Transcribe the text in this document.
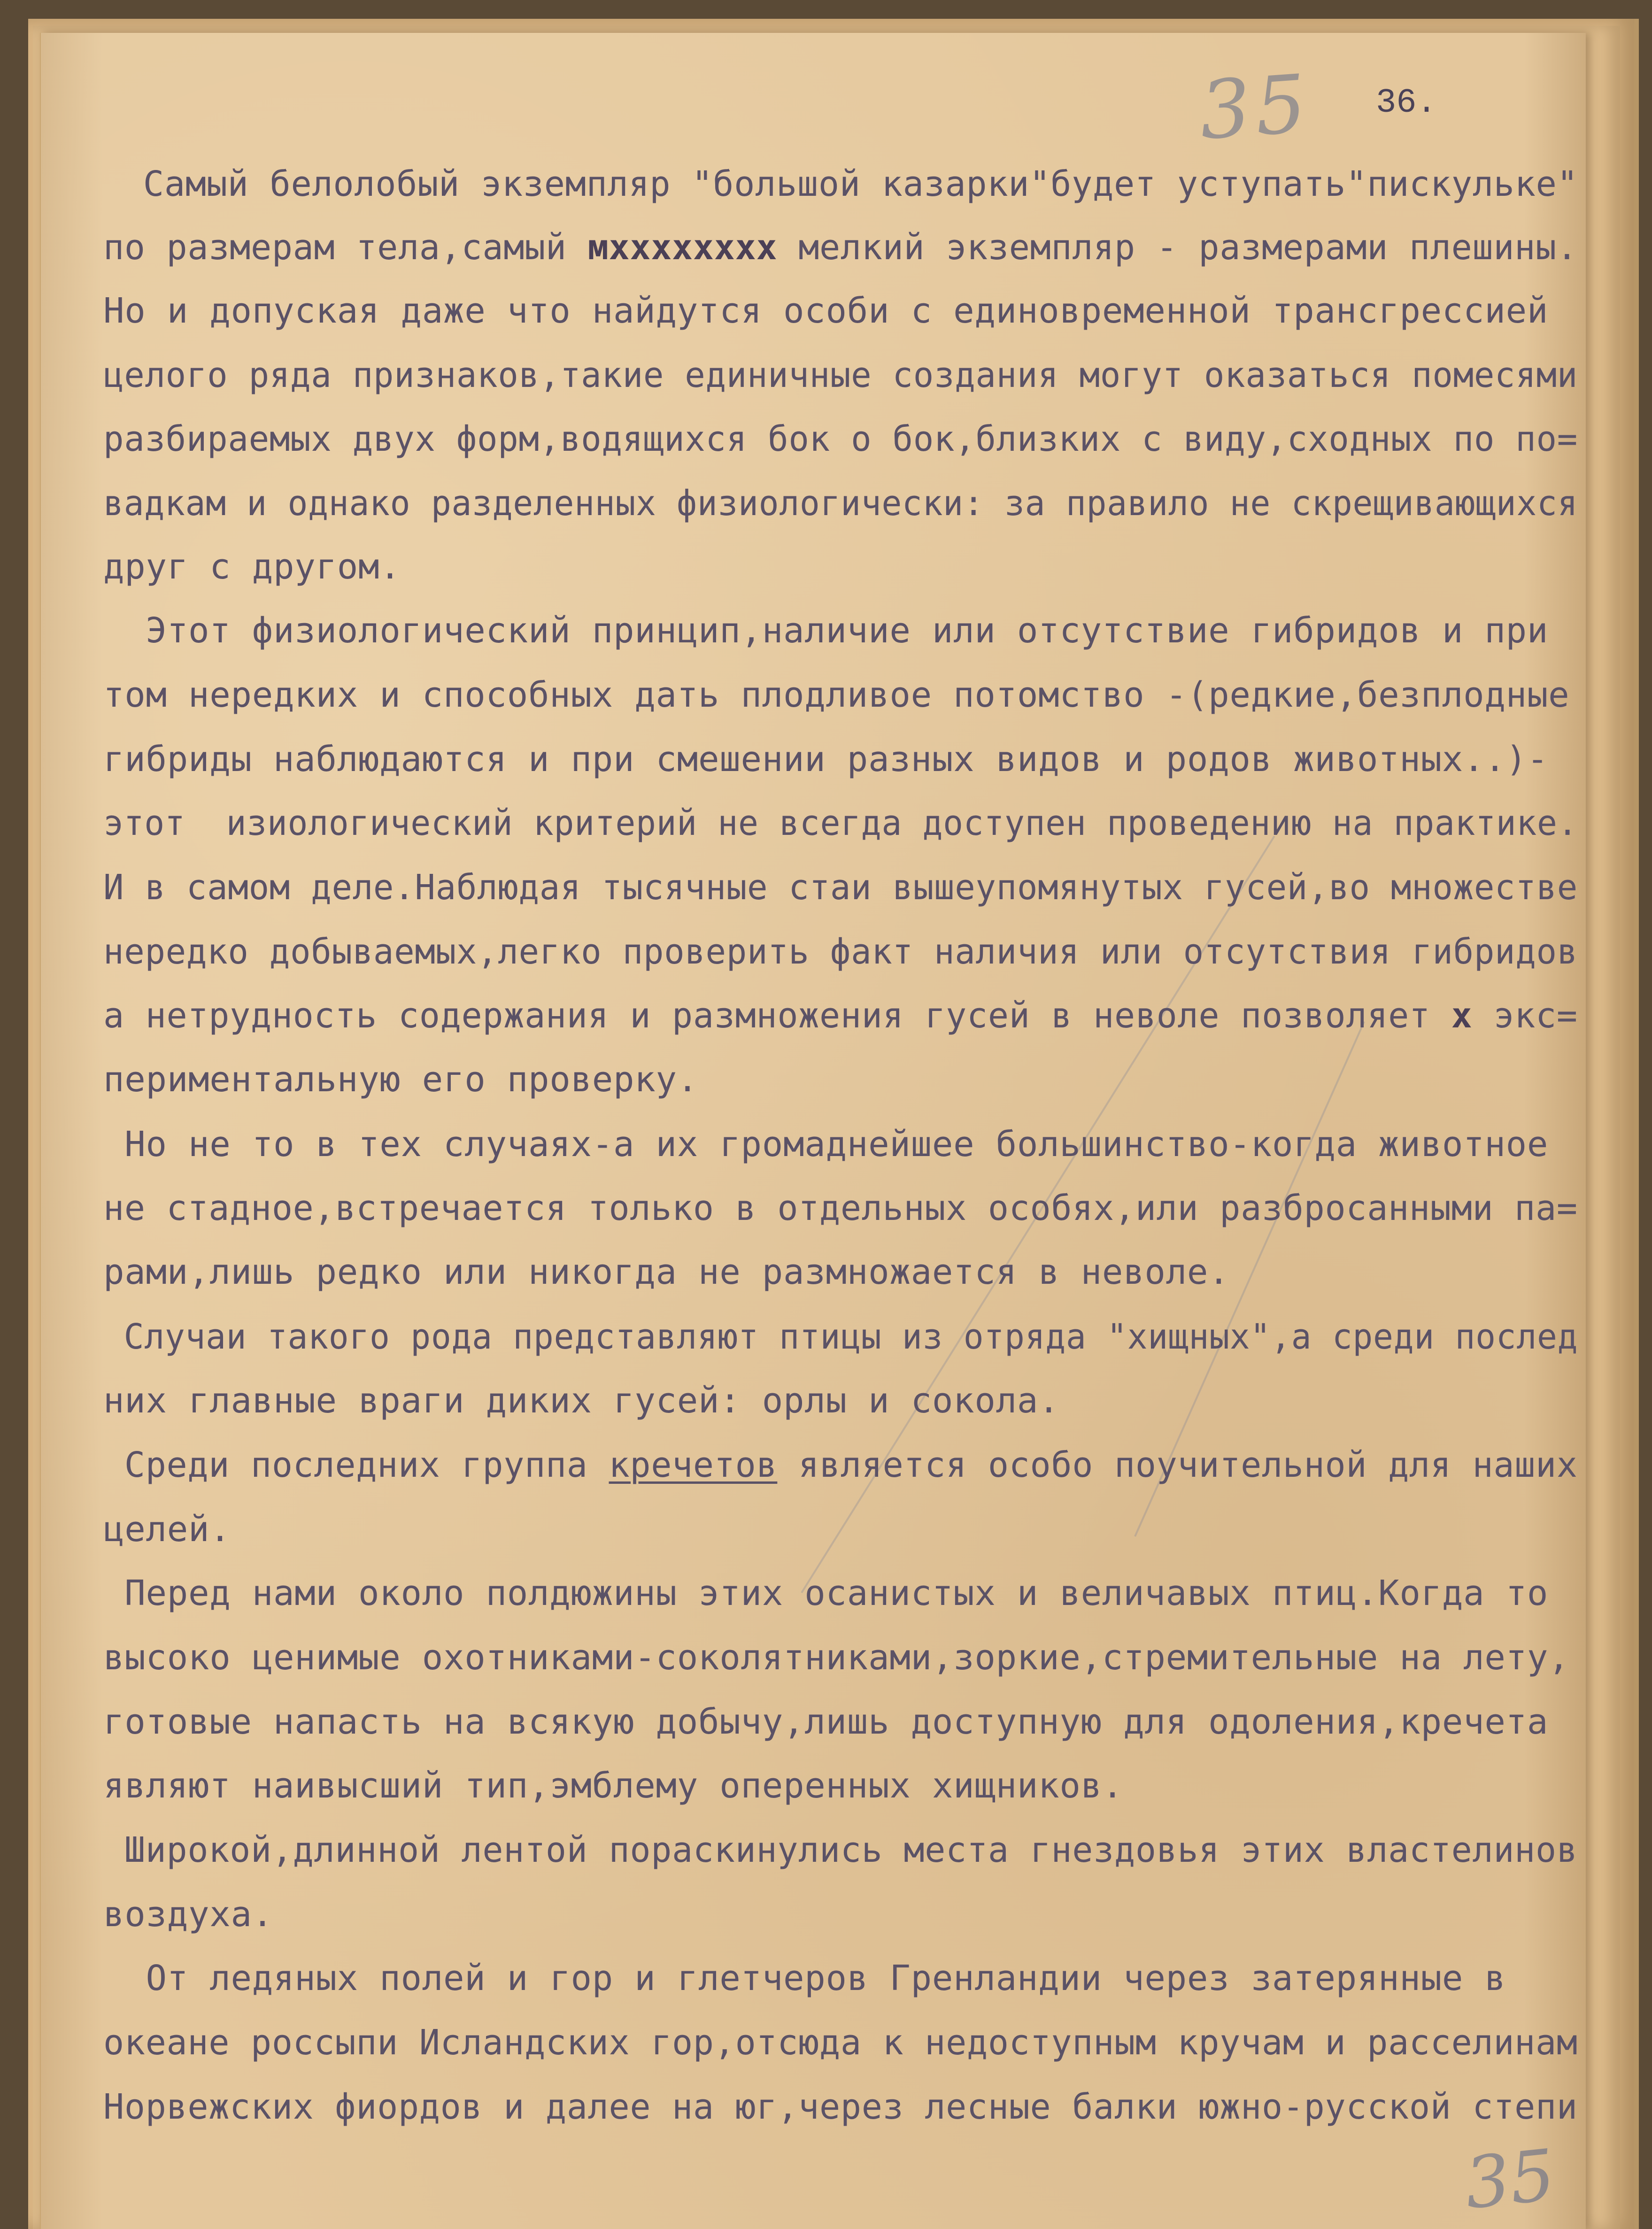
35 36.

Самый белолобый экземпляр "большой казарки"будет уступать"пискульке"

по размерам тела,самый мхххххххх мелкий экземпляр - размерами плешины.

Но и допуская даже что найдутся особи с единовременной трансгрессией

целого ряда признаков,такие единичные создания могут оказаться помесями

разбираемых двух форм,водящихся бок о бок,близких с виду,сходных по по=

вадкам и однако разделенных физиологически: за правило не скрещивающихся

друг с другом.

Этот физиологический принцип,наличие или отсутствие гибридов и при

том нередких и способных дать плодливое потомство -(редкие,безплодные

гибриды наблюдаются и при смешении разных видов и родов животных..)-

этот  изиологический критерий не всегда доступен проведению на практике.

И в самом деле.Наблюдая тысячные стаи вышеупомянутых гусей,во множестве

нередко добываемых,легко проверить факт наличия или отсутствия гибридов

а нетрудность содержания и размножения гусей в неволе позволяет х экс=

периментальную его проверку.

Но не то в тех случаях-а их громаднейшее большинство-когда животное

не стадное,встречается только в отдельных особях,или разбросанными па=

рами,лишь редко или никогда не размножается в неволе.

Случаи такого рода представляют птицы из отряда "хищных",а среди послед

них главные враги диких гусей: орлы и сокола.

Среди последних группа кречетов является особо поучительной для наших

целей.

Перед нами около полдюжины этих осанистых и величавых птиц.Когда то

высоко ценимые охотниками-соколятниками,зоркие,стремительные на лету,

готовые напасть на всякую добычу,лишь доступную для одоления,кречета

являют наивысший тип,эмблему оперенных хищников.

Широкой,длинной лентой пораскинулись места гнездовья этих властелинов

воздуха.

От ледяных полей и гор и глетчеров Гренландии через затерянные в

океане россыпи Исландских гор,отсюда к недоступным кручам и расселинам

Норвежских фиордов и далее на юг,через лесные балки южно-русской степи

35
